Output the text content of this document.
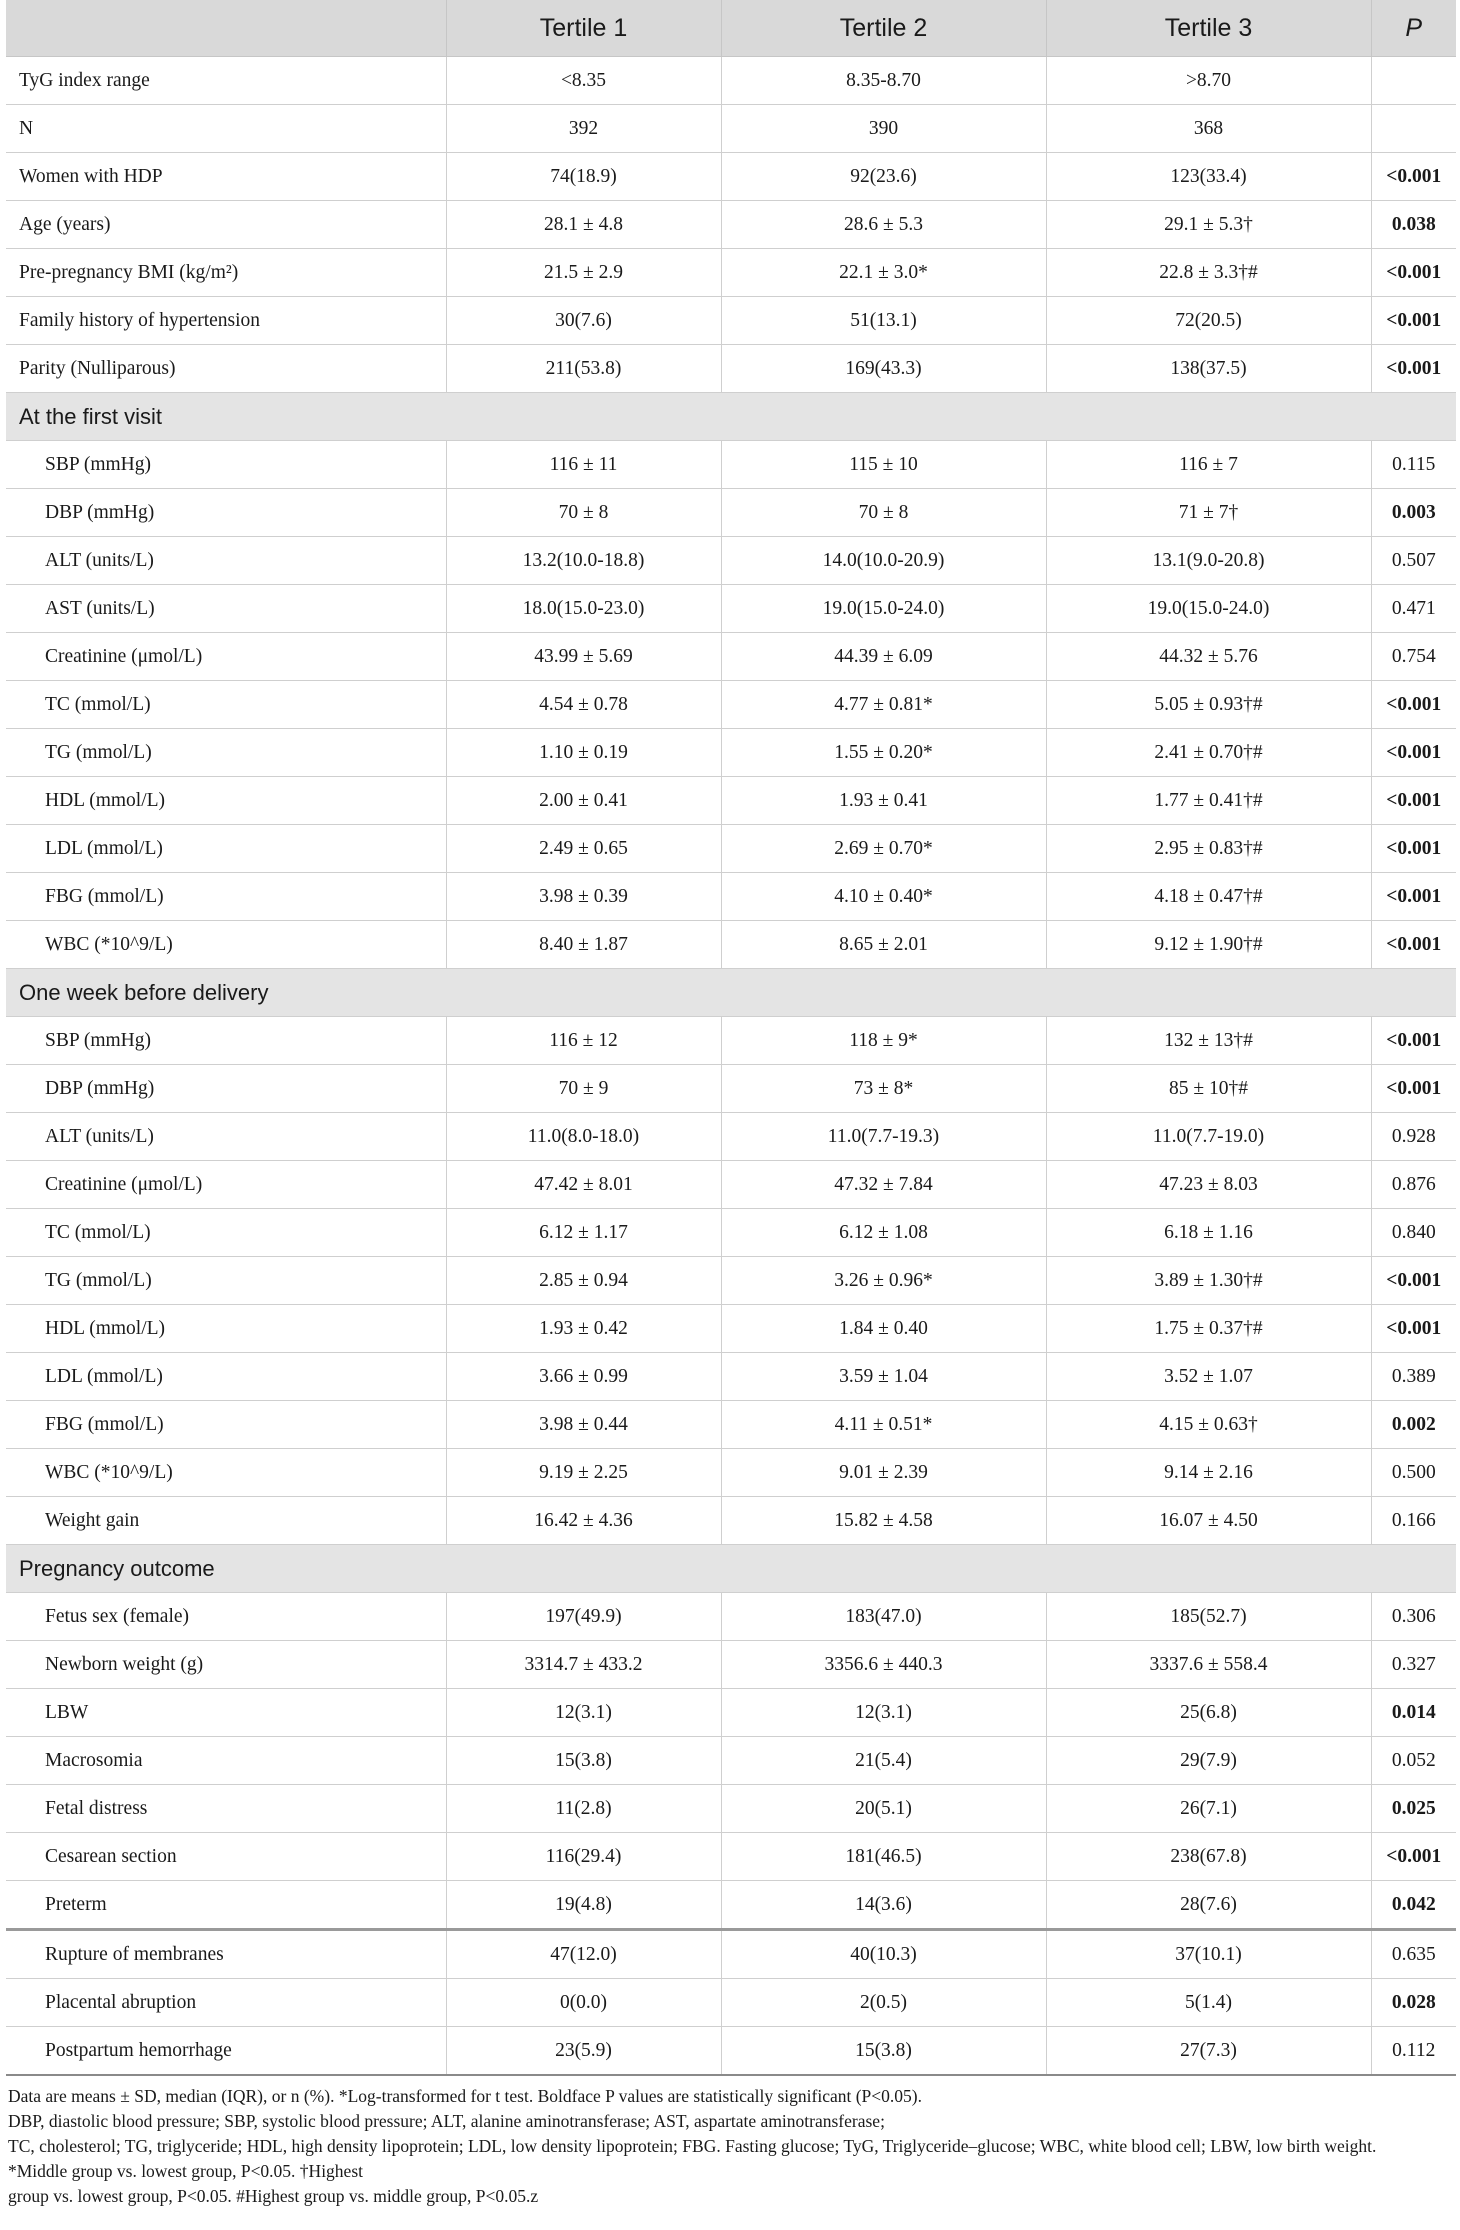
	Tertile 1	Tertile 2	Tertile 3	P
TyG index range	<8.35	8.35-8.70	>8.70	
N	392	390	368	
Women with HDP	74(18.9)	92(23.6)	123(33.4)	<0.001
Age (years)	28.1 ± 4.8	28.6 ± 5.3	29.1 ± 5.3†	0.038
Pre-pregnancy BMI (kg/m²)	21.5 ± 2.9	22.1 ± 3.0*	22.8 ± 3.3†#	<0.001
Family history of hypertension	30(7.6)	51(13.1)	72(20.5)	<0.001
Parity (Nulliparous)	211(53.8)	169(43.3)	138(37.5)	<0.001
At the first visit				
SBP (mmHg)	116 ± 11	115 ± 10	116 ± 7	0.115
DBP (mmHg)	70 ± 8	70 ± 8	71 ± 7†	0.003
ALT (units/L)	13.2(10.0-18.8)	14.0(10.0-20.9)	13.1(9.0-20.8)	0.507
AST (units/L)	18.0(15.0-23.0)	19.0(15.0-24.0)	19.0(15.0-24.0)	0.471
Creatinine (μmol/L)	43.99 ± 5.69	44.39 ± 6.09	44.32 ± 5.76	0.754
TC (mmol/L)	4.54 ± 0.78	4.77 ± 0.81*	5.05 ± 0.93†#	<0.001
TG (mmol/L)	1.10 ± 0.19	1.55 ± 0.20*	2.41 ± 0.70†#	<0.001
HDL (mmol/L)	2.00 ± 0.41	1.93 ± 0.41	1.77 ± 0.41†#	<0.001
LDL (mmol/L)	2.49 ± 0.65	2.69 ± 0.70*	2.95 ± 0.83†#	<0.001
FBG (mmol/L)	3.98 ± 0.39	4.10 ± 0.40*	4.18 ± 0.47†#	<0.001
WBC (*10^9/L)	8.40 ± 1.87	8.65 ± 2.01	9.12 ± 1.90†#	<0.001
One week before delivery				
SBP (mmHg)	116 ± 12	118 ± 9*	132 ± 13†#	<0.001
DBP (mmHg)	70 ± 9	73 ± 8*	85 ± 10†#	<0.001
ALT (units/L)	11.0(8.0-18.0)	11.0(7.7-19.3)	11.0(7.7-19.0)	0.928
Creatinine (μmol/L)	47.42 ± 8.01	47.32 ± 7.84	47.23 ± 8.03	0.876
TC (mmol/L)	6.12 ± 1.17	6.12 ± 1.08	6.18 ± 1.16	0.840
TG (mmol/L)	2.85 ± 0.94	3.26 ± 0.96*	3.89 ± 1.30†#	<0.001
HDL (mmol/L)	1.93 ± 0.42	1.84 ± 0.40	1.75 ± 0.37†#	<0.001
LDL (mmol/L)	3.66 ± 0.99	3.59 ± 1.04	3.52 ± 1.07	0.389
FBG (mmol/L)	3.98 ± 0.44	4.11 ± 0.51*	4.15 ± 0.63†	0.002
WBC (*10^9/L)	9.19 ± 2.25	9.01 ± 2.39	9.14 ± 2.16	0.500
Weight gain	16.42 ± 4.36	15.82 ± 4.58	16.07 ± 4.50	0.166
Pregnancy outcome				
Fetus sex (female)	197(49.9)	183(47.0)	185(52.7)	0.306
Newborn weight (g)	3314.7 ± 433.2	3356.6 ± 440.3	3337.6 ± 558.4	0.327
LBW	12(3.1)	12(3.1)	25(6.8)	0.014
Macrosomia	15(3.8)	21(5.4)	29(7.9)	0.052
Fetal distress	11(2.8)	20(5.1)	26(7.1)	0.025
Cesarean section	116(29.4)	181(46.5)	238(67.8)	<0.001
Preterm	19(4.8)	14(3.6)	28(7.6)	0.042
Rupture of membranes	47(12.0)	40(10.3)	37(10.1)	0.635
Placental abruption	0(0.0)	2(0.5)	5(1.4)	0.028
Postpartum hemorrhage	23(5.9)	15(3.8)	27(7.3)	0.112

Data are means ± SD, median (IQR), or n (%). *Log-transformed for t test. Boldface P values are statistically significant (P<0.05).

DBP, diastolic blood pressure; SBP, systolic blood pressure; ALT, alanine aminotransferase; AST, aspartate aminotransferase;

TC, cholesterol; TG, triglyceride; HDL, high density lipoprotein; LDL, low density lipoprotein; FBG. Fasting glucose; TyG, Triglyceride–glucose; WBC, white blood cell; LBW, low birth weight.

*Middle group vs. lowest group, P<0.05. †Highest

group vs. lowest group, P<0.05. #Highest group vs. middle group, P<0.05.z
